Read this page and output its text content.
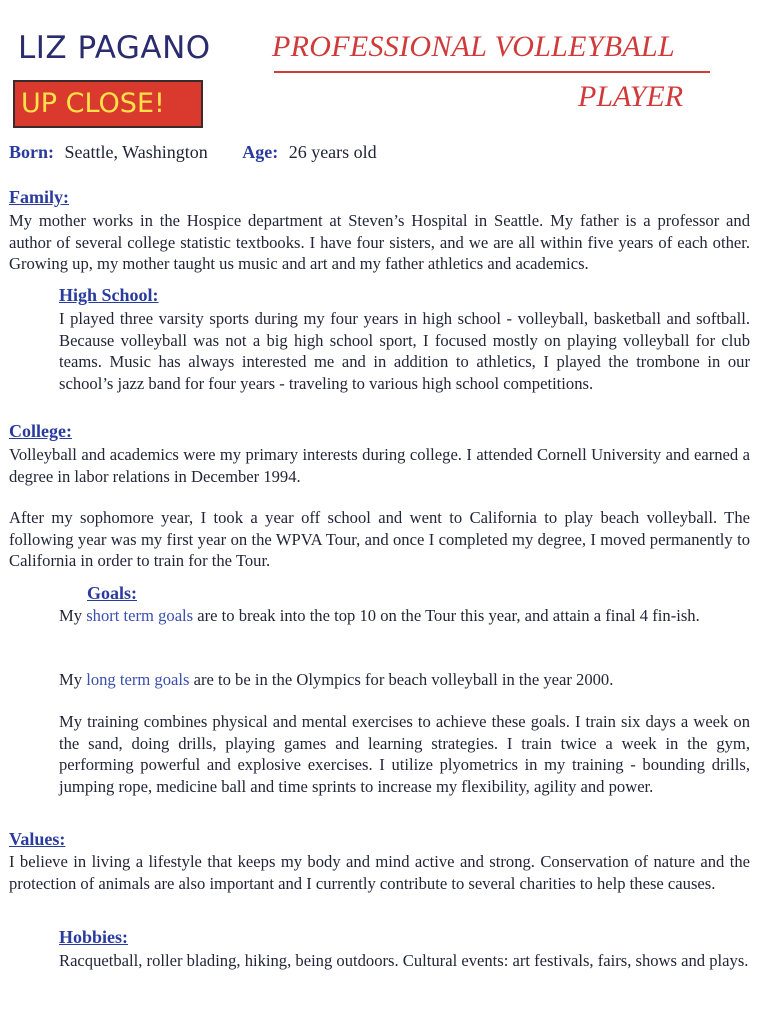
LIZ PAGANO
UP CLOSE!
PROFESSIONAL VOLLEYBALL
PLAYER
Born: Seattle, Washington Age: 26 years old
Family:

My mother works in the Hospice department at Steven’s Hospital in Seattle. My father is a professor and author of several college statistic textbooks. I have four sisters, and we are all within five years of each other. Growing up, my mother taught us music and art and my father athletics and academics.

High School:

I played three varsity sports during my four years in high school - volleyball, basketball and softball. Because volleyball was not a big high school sport, I focused mostly on playing volleyball for club teams. Music has always interested me and in addition to athletics, I played the trombone in our school’s jazz band for four years - traveling to various high school competitions.

College:

Volleyball and academics were my primary interests during college. I attended Cornell University and earned a degree in labor relations in December 1994.

After my sophomore year, I took a year off school and went to California to play beach volleyball. The following year was my first year on the WPVA Tour, and once I completed my degree, I moved permanently to California in order to train for the Tour.

Goals:

My short term goals are to break into the top 10 on the Tour this year, and attain a final 4 fin-ish.

My long term goals are to be in the Olympics for beach volleyball in the year 2000.

My training combines physical and mental exercises to achieve these goals. I train six days a week on the sand, doing drills, playing games and learning strategies. I train twice a week in the gym, performing powerful and explosive exercises. I utilize plyometrics in my training - bounding drills, jumping rope, medicine ball and time sprints to increase my flexibility, agility and power.

Values:

I believe in living a lifestyle that keeps my body and mind active and strong. Conservation of nature and the protection of animals are also important and I currently contribute to several charities to help these causes.

Hobbies:

Racquetball, roller blading, hiking, being outdoors. Cultural events: art festivals, fairs, shows and plays.
